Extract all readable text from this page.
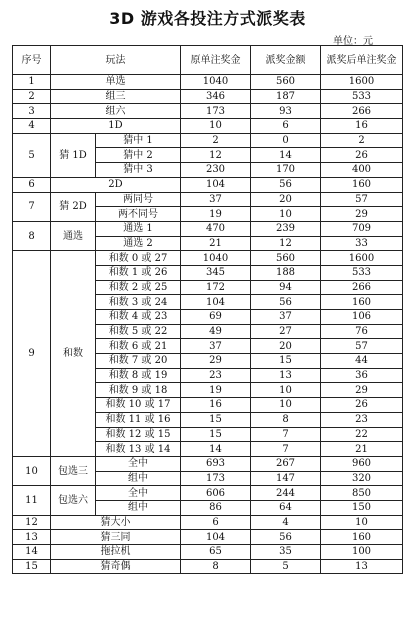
3D 游戏各投注方式派奖表
单位：元
序号	玩法		原单注奖金	派奖金额	派奖后单注奖金
1	单选		1040	560	1600
2	组三		346	187	533
3	组六		173	93	266
4	1D		10	6	16
5	猜 1D	猜中 1	2	0	2
		猜中 2	12	14	26
		猜中 3	230	170	400
6	2D		104	56	160
7	猜 2D	两同号	37	20	57
		两不同号	19	10	29
8	通选	通选 1	470	239	709
		通选 2	21	12	33
9	和数	和数 0 或 27	1040	560	1600
		和数 1 或 26	345	188	533
		和数 2 或 25	172	94	266
		和数 3 或 24	104	56	160
		和数 4 或 23	69	37	106
		和数 5 或 22	49	27	76
		和数 6 或 21	37	20	57
		和数 7 或 20	29	15	44
		和数 8 或 19	23	13	36
		和数 9 或 18	19	10	29
		和数 10 或 17	16	10	26
		和数 11 或 16	15	8	23
		和数 12 或 15	15	7	22
		和数 13 或 14	14	7	21
10	包选三	全中	693	267	960
		组中	173	147	320
11	包选六	全中	606	244	850
		组中	86	64	150
12	猜大小		6	4	10
13	猜三同		104	56	160
14	拖拉机		65	35	100
15	猜奇偶		8	5	13
